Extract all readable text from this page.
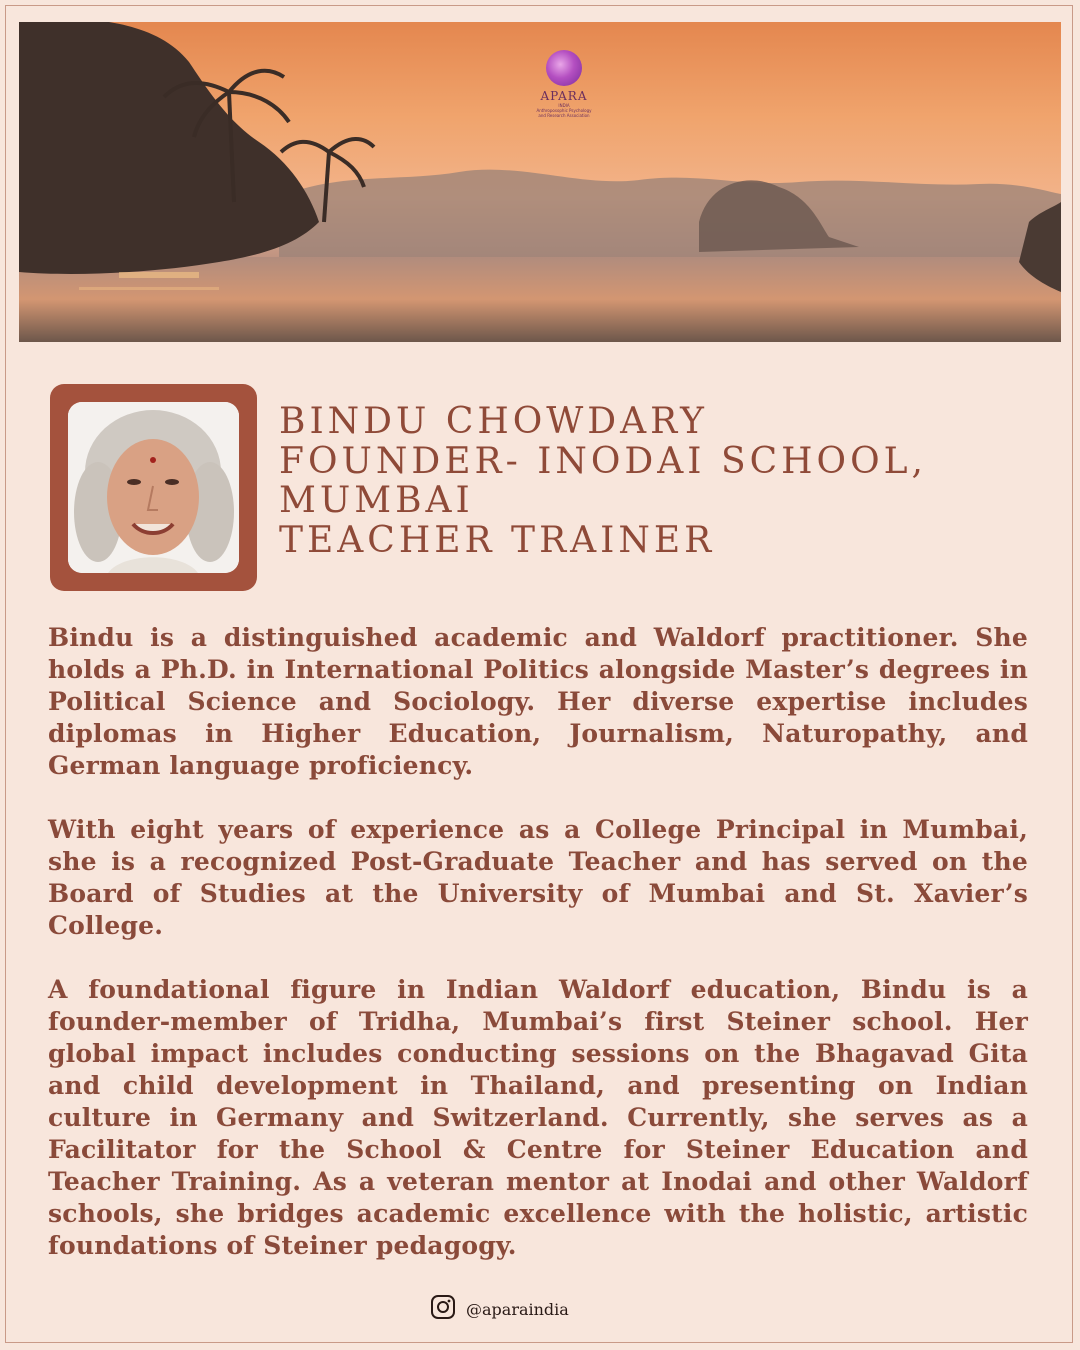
APARA
INDIA
Anthroposophic Psychology
and Research Association
BINDU CHOWDARY
FOUNDER- INODAI SCHOOL,
MUMBAI
TEACHER TRAINER

Bindu is a distinguished academic and Waldorf practitioner. She holds a Ph.D. in International Politics alongside Master’s degrees in Political Science and Sociology. Her diverse expertise includes diplomas in Higher Education, Journalism, Naturopathy, and German language proficiency.

With eight years of experience as a College Principal in Mumbai, she is a recognized Post-Graduate Teacher and has served on the Board of Studies at the University of Mumbai and St. Xavier’s College.

A foundational figure in Indian Waldorf education, Bindu is a founder-member of Tridha, Mumbai’s first Steiner school. Her global impact includes conducting sessions on the Bhagavad Gita and child development in Thailand, and presenting on Indian culture in Germany and Switzerland. Currently, she serves as a Facilitator for the School & Centre for Steiner Education and Teacher Training. As a veteran mentor at Inodai and other Waldorf schools, she bridges academic excellence with the holistic, artistic foundations of Steiner pedagogy.

@aparaindia
